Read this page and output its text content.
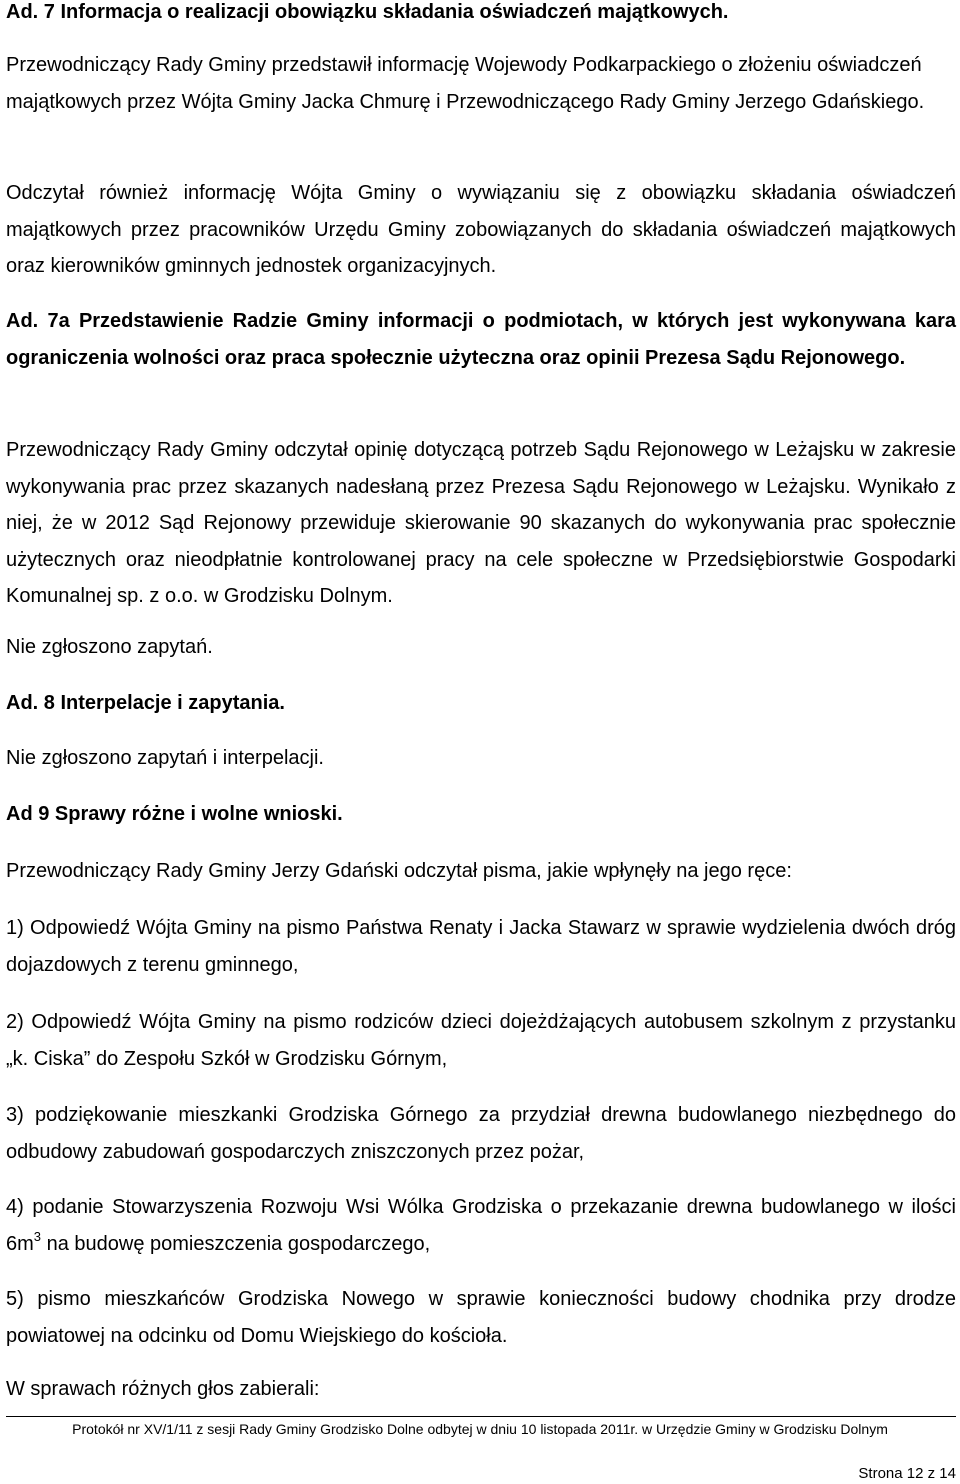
Ad. 7 Informacja o realizacji obowiązku składania oświadczeń majątkowych.

Przewodniczący Rady Gminy przedstawił informację Wojewody Podkarpackiego o złożeniu oświadczeń majątkowych przez Wójta Gminy Jacka Chmurę i Przewodniczącego Rady Gminy Jerzego Gdańskiego.

Odczytał również informację Wójta Gminy o wywiązaniu się z obowiązku składania oświadczeń majątkowych przez pracowników Urzędu Gminy zobowiązanych do składania oświadczeń majątkowych oraz kierowników gminnych jednostek organizacyjnych.

Ad. 7a Przedstawienie Radzie Gminy informacji o podmiotach, w których jest wykonywana kara ograniczenia wolności oraz praca społecznie użyteczna oraz opinii Prezesa Sądu Rejonowego.

Przewodniczący Rady Gminy odczytał opinię dotyczącą potrzeb Sądu Rejonowego w Leżajsku w zakresie wykonywania prac przez skazanych nadesłaną przez Prezesa Sądu Rejonowego w Leżajsku. Wynikało z niej, że w 2012 Sąd Rejonowy przewiduje skierowanie 90 skazanych do wykonywania prac społecznie użytecznych oraz nieodpłatnie kontrolowanej pracy na cele społeczne w Przedsiębiorstwie Gospodarki Komunalnej sp. z o.o. w Grodzisku Dolnym.

Nie zgłoszono zapytań.

Ad. 8 Interpelacje i zapytania.

Nie zgłoszono zapytań i interpelacji.

Ad 9 Sprawy różne i wolne wnioski.

Przewodniczący Rady Gminy Jerzy Gdański odczytał pisma, jakie wpłynęły na jego ręce:

1) Odpowiedź Wójta Gminy na pismo Państwa Renaty i Jacka Stawarz w sprawie wydzielenia dwóch dróg dojazdowych z terenu gminnego,

2) Odpowiedź Wójta Gminy na pismo rodziców dzieci dojeżdżających autobusem szkolnym z przystanku „k. Ciska” do Zespołu Szkół w Grodzisku Górnym,

3) podziękowanie mieszkanki Grodziska Górnego za przydział drewna budowlanego niezbędnego do odbudowy zabudowań gospodarczych zniszczonych przez pożar,

4) podanie Stowarzyszenia Rozwoju Wsi Wólka Grodziska o przekazanie drewna budowlanego w ilości $6m^3$ na budowę pomieszczenia gospodarczego,

5) pismo mieszkańców Grodziska Nowego w sprawie konieczności budowy chodnika przy drodze powiatowej na odcinku od Domu Wiejskiego do kościoła.

W sprawach różnych głos zabierali:

Protokół nr XV/1/11 z sesji Rady Gminy Grodzisko Dolne odbytej w dniu 10 listopada 2011r. w Urzędzie Gminy w Grodzisku Dolnym
Strona 12 z 14
